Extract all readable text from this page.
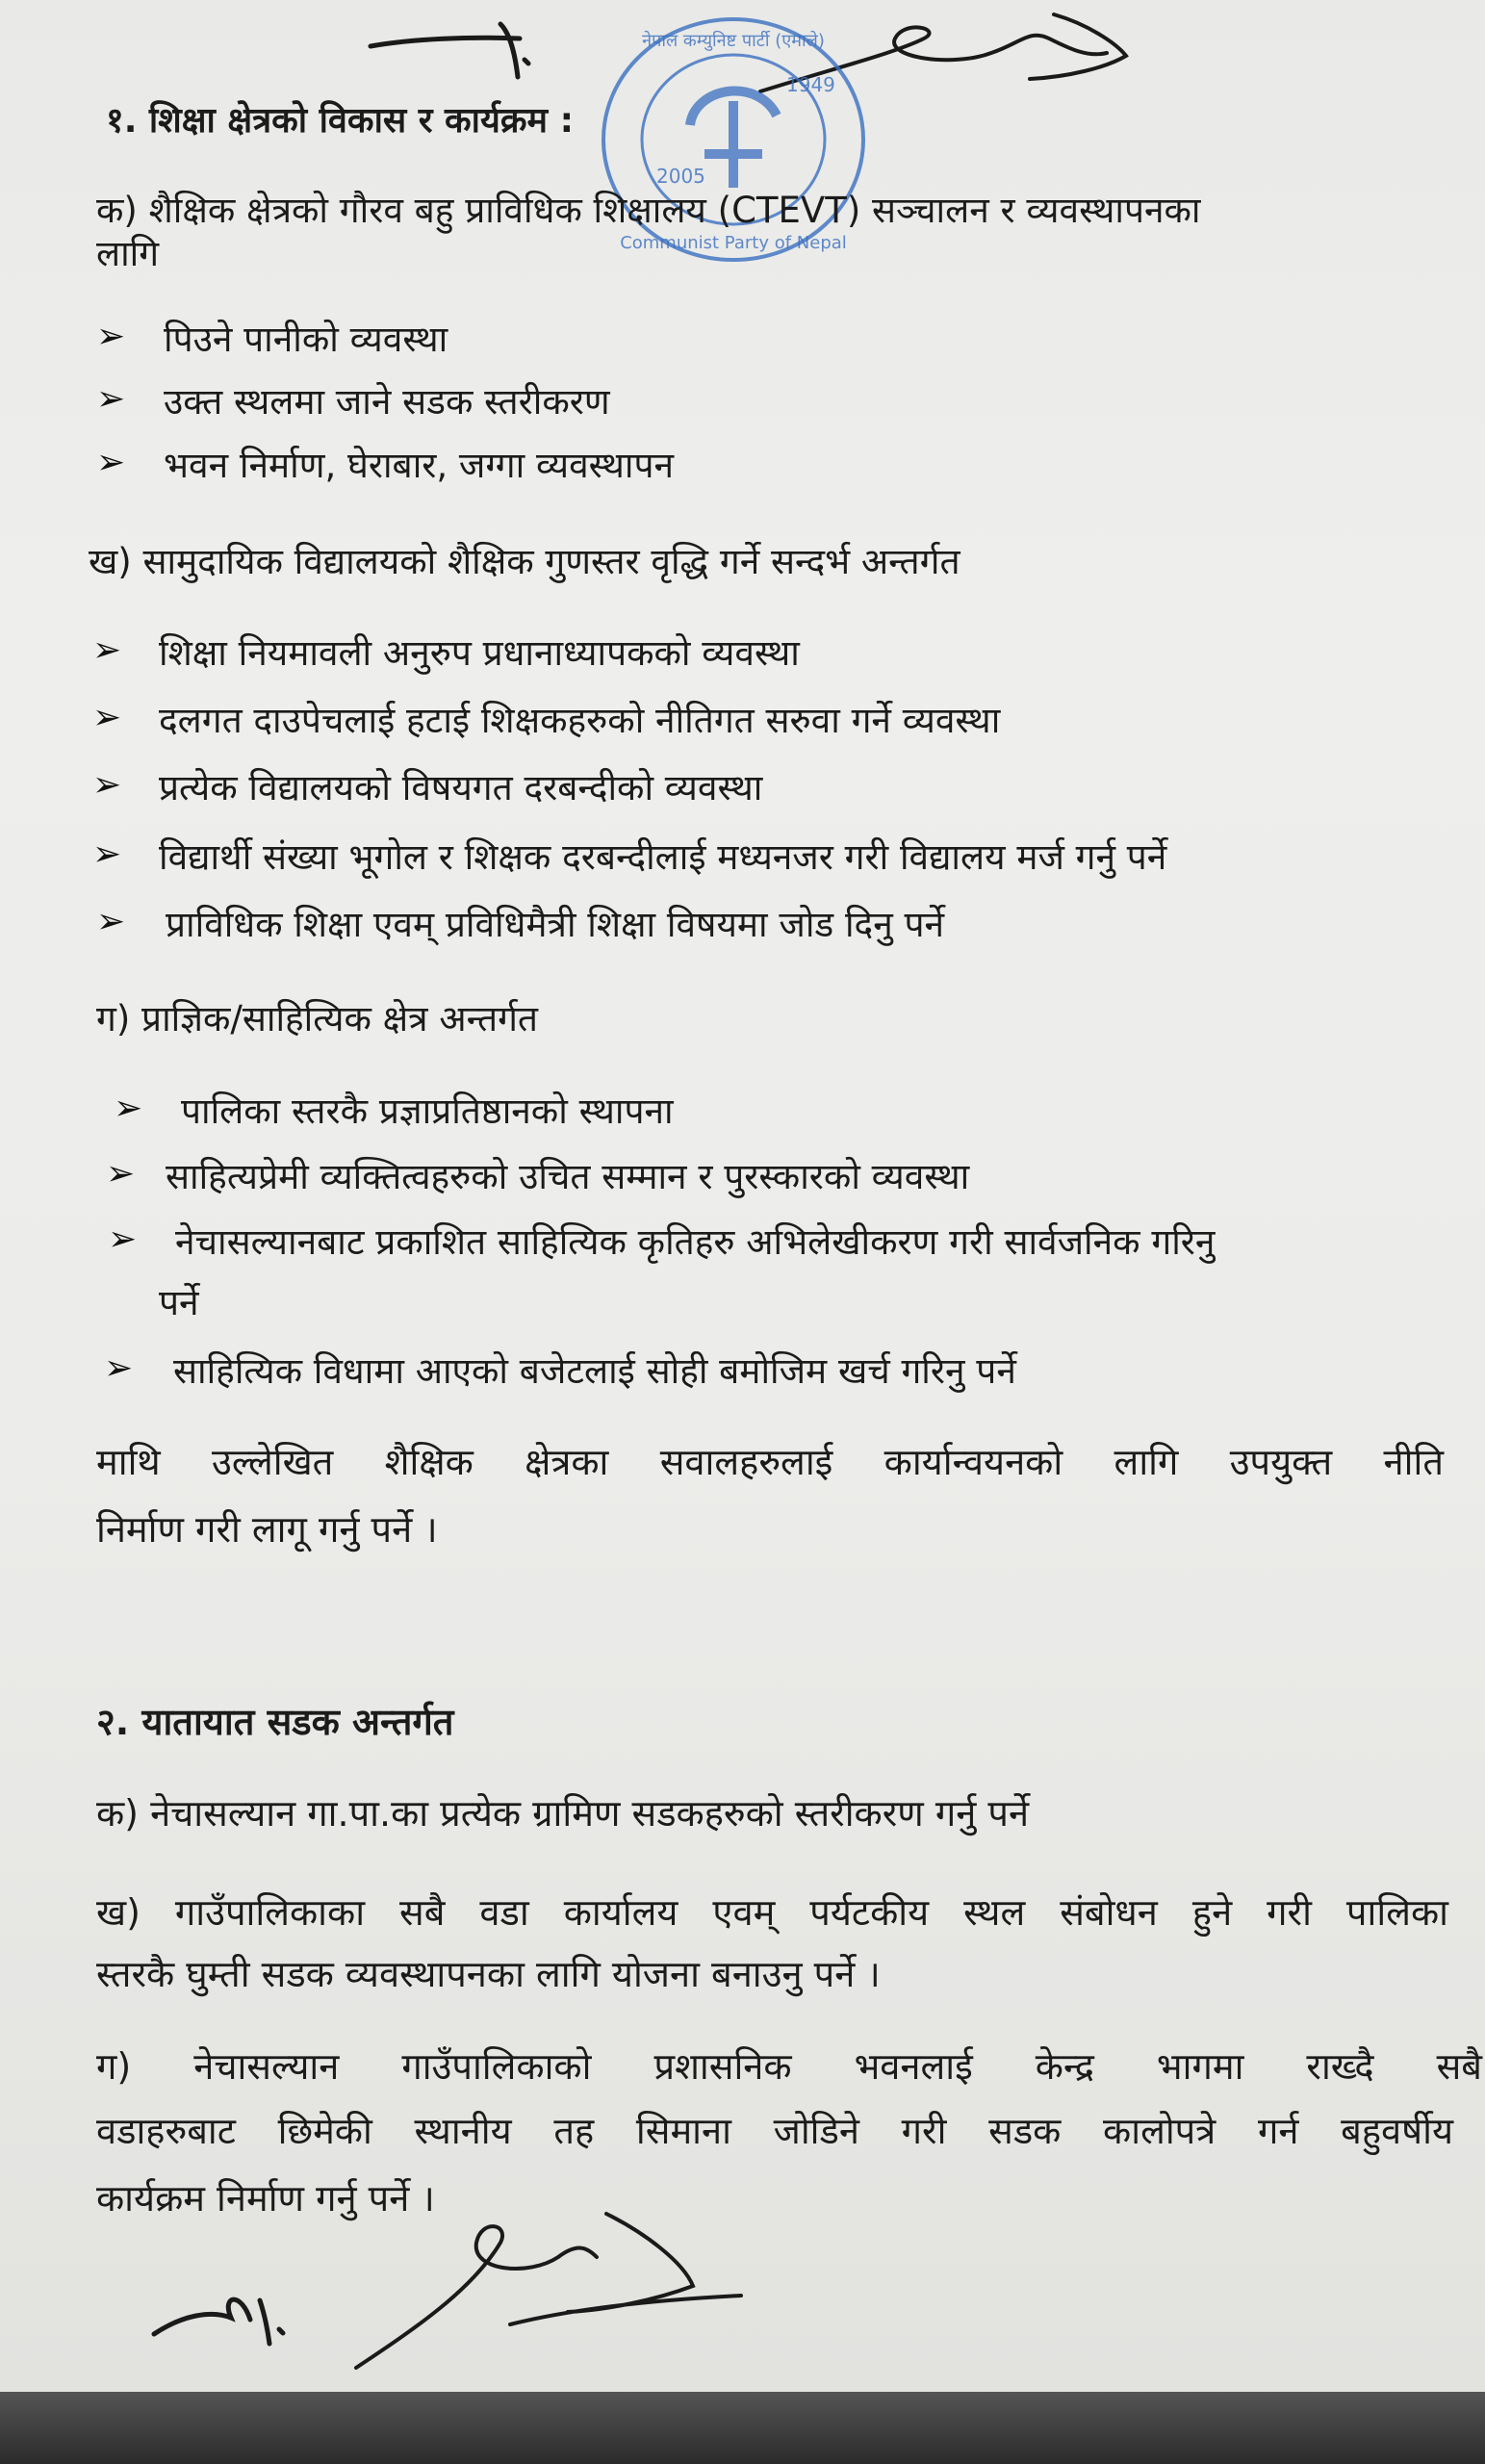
नेपाल कम्युनिष्ट पार्टी (एमाले)
1949
2005
Communist Party of Nepal

१. शिक्षा क्षेत्रको विकास र कार्यक्रम :

क) शैक्षिक क्षेत्रको गौरव बहु प्राविधिक शिक्षालय (CTEVT) सञ्चालन र व्यवस्थापनका

लागि

➢ पिउने पानीको व्यवस्था

➢ उक्त स्थलमा जाने सडक स्तरीकरण

➢ भवन निर्माण, घेराबार, जग्गा व्यवस्थापन

ख) सामुदायिक विद्यालयको शैक्षिक गुणस्तर वृद्धि गर्ने सन्दर्भ अन्तर्गत

➢ शिक्षा नियमावली अनुरुप प्रधानाध्यापकको व्यवस्था

➢ दलगत दाउपेचलाई हटाई शिक्षकहरुको नीतिगत सरुवा गर्ने व्यवस्था

➢ प्रत्येक विद्यालयको विषयगत दरबन्दीको व्यवस्था

➢ विद्यार्थी संख्या भूगोल र शिक्षक दरबन्दीलाई मध्यनजर गरी विद्यालय मर्ज गर्नु पर्ने

➢ प्राविधिक शिक्षा एवम् प्रविधिमैत्री शिक्षा विषयमा जोड दिनु पर्ने

ग) प्राज्ञिक/साहित्यिक क्षेत्र अन्तर्गत

➢ पालिका स्तरकै प्रज्ञाप्रतिष्ठानको स्थापना

➢ साहित्यप्रेमी व्यक्तित्वहरुको उचित सम्मान र पुरस्कारको व्यवस्था

➢ नेचासल्यानबाट प्रकाशित साहित्यिक कृतिहरु अभिलेखीकरण गरी सार्वजनिक गरिनु

पर्ने

➢ साहित्यिक विधामा आएको बजेटलाई सोही बमोजिम खर्च गरिनु पर्ने

माथि उल्लेखित शैक्षिक क्षेत्रका सवालहरुलाई कार्यान्वयनको लागि उपयुक्त नीति

निर्माण गरी लागू गर्नु पर्ने ।

२. यातायात सडक अन्तर्गत

क) नेचासल्यान गा.पा.का प्रत्येक ग्रामिण सडकहरुको स्तरीकरण गर्नु पर्ने

ख) गाउँपालिकाका सबै वडा कार्यालय एवम् पर्यटकीय स्थल संबोधन हुने गरी पालिका

स्तरकै घुम्ती सडक व्यवस्थापनका लागि योजना बनाउनु पर्ने ।

ग) नेचासल्यान गाउँपालिकाको प्रशासनिक भवनलाई केन्द्र भागमा राख्दै सबै

वडाहरुबाट छिमेकी स्थानीय तह सिमाना जोडिने गरी सडक कालोपत्रे गर्न बहुवर्षीय

कार्यक्रम निर्माण गर्नु पर्ने ।
